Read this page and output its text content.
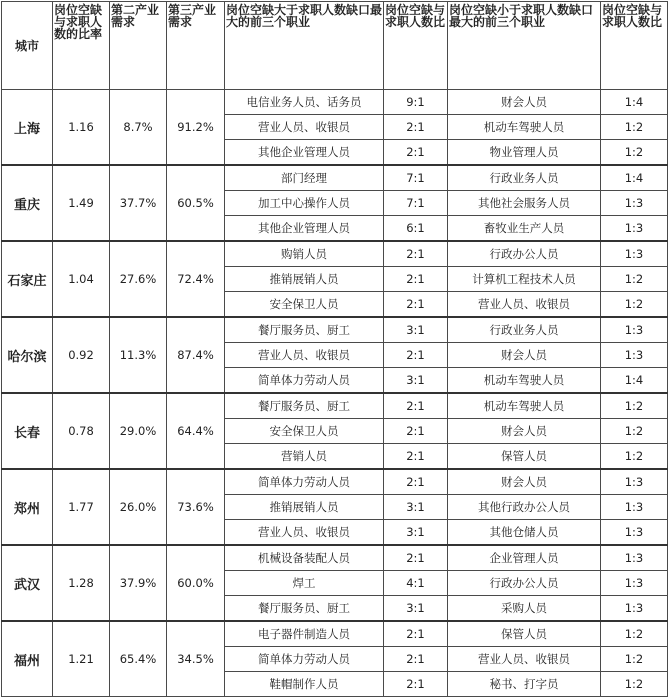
城市	岗位空缺与求职人数的比率	第二产业需求	第三产业需求	岗位空缺大于求职人数缺口最大的前三个职业	岗位空缺与求职人数比	岗位空缺小于求职人数缺口最大的前三个职业	岗位空缺与求职人数比
上海	1.16	8.7%	91.2%	电信业务人员、话务员	9:1	财会人员	1:4
				营业人员、收银员	2:1	机动车驾驶人员	1:2
				其他企业管理人员	2:1	物业管理人员	1:2
重庆	1.49	37.7%	60.5%	部门经理	7:1	行政业务人员	1:4
				加工中心操作人员	7:1	其他社会服务人员	1:3
				其他企业管理人员	6:1	畜牧业生产人员	1:3
石家庄	1.04	27.6%	72.4%	购销人员	2:1	行政办公人员	1:3
				推销展销人员	2:1	计算机工程技术人员	1:2
				安全保卫人员	2:1	营业人员、收银员	1:2
哈尔滨	0.92	11.3%	87.4%	餐厅服务员、厨工	3:1	行政业务人员	1:3
				营业人员、收银员	2:1	财会人员	1:3
				简单体力劳动人员	3:1	机动车驾驶人员	1:4
长春	0.78	29.0%	64.4%	餐厅服务员、厨工	2:1	机动车驾驶人员	1:2
				安全保卫人员	2:1	财会人员	1:2
				营销人员	2:1	保管人员	1:2
郑州	1.77	26.0%	73.6%	简单体力劳动人员	2:1	财会人员	1:3
				推销展销人员	3:1	其他行政办公人员	1:3
				营业人员、收银员	3:1	其他仓储人员	1:3
武汉	1.28	37.9%	60.0%	机械设备装配人员	2:1	企业管理人员	1:3
				焊工	4:1	行政办公人员	1:3
				餐厅服务员、厨工	3:1	采购人员	1:3
福州	1.21	65.4%	34.5%	电子器件制造人员	2:1	保管人员	1:2
				简单体力劳动人员	2:1	营业人员、收银员	1:2
				鞋帽制作人员	2:1	秘书、打字员	1:2
